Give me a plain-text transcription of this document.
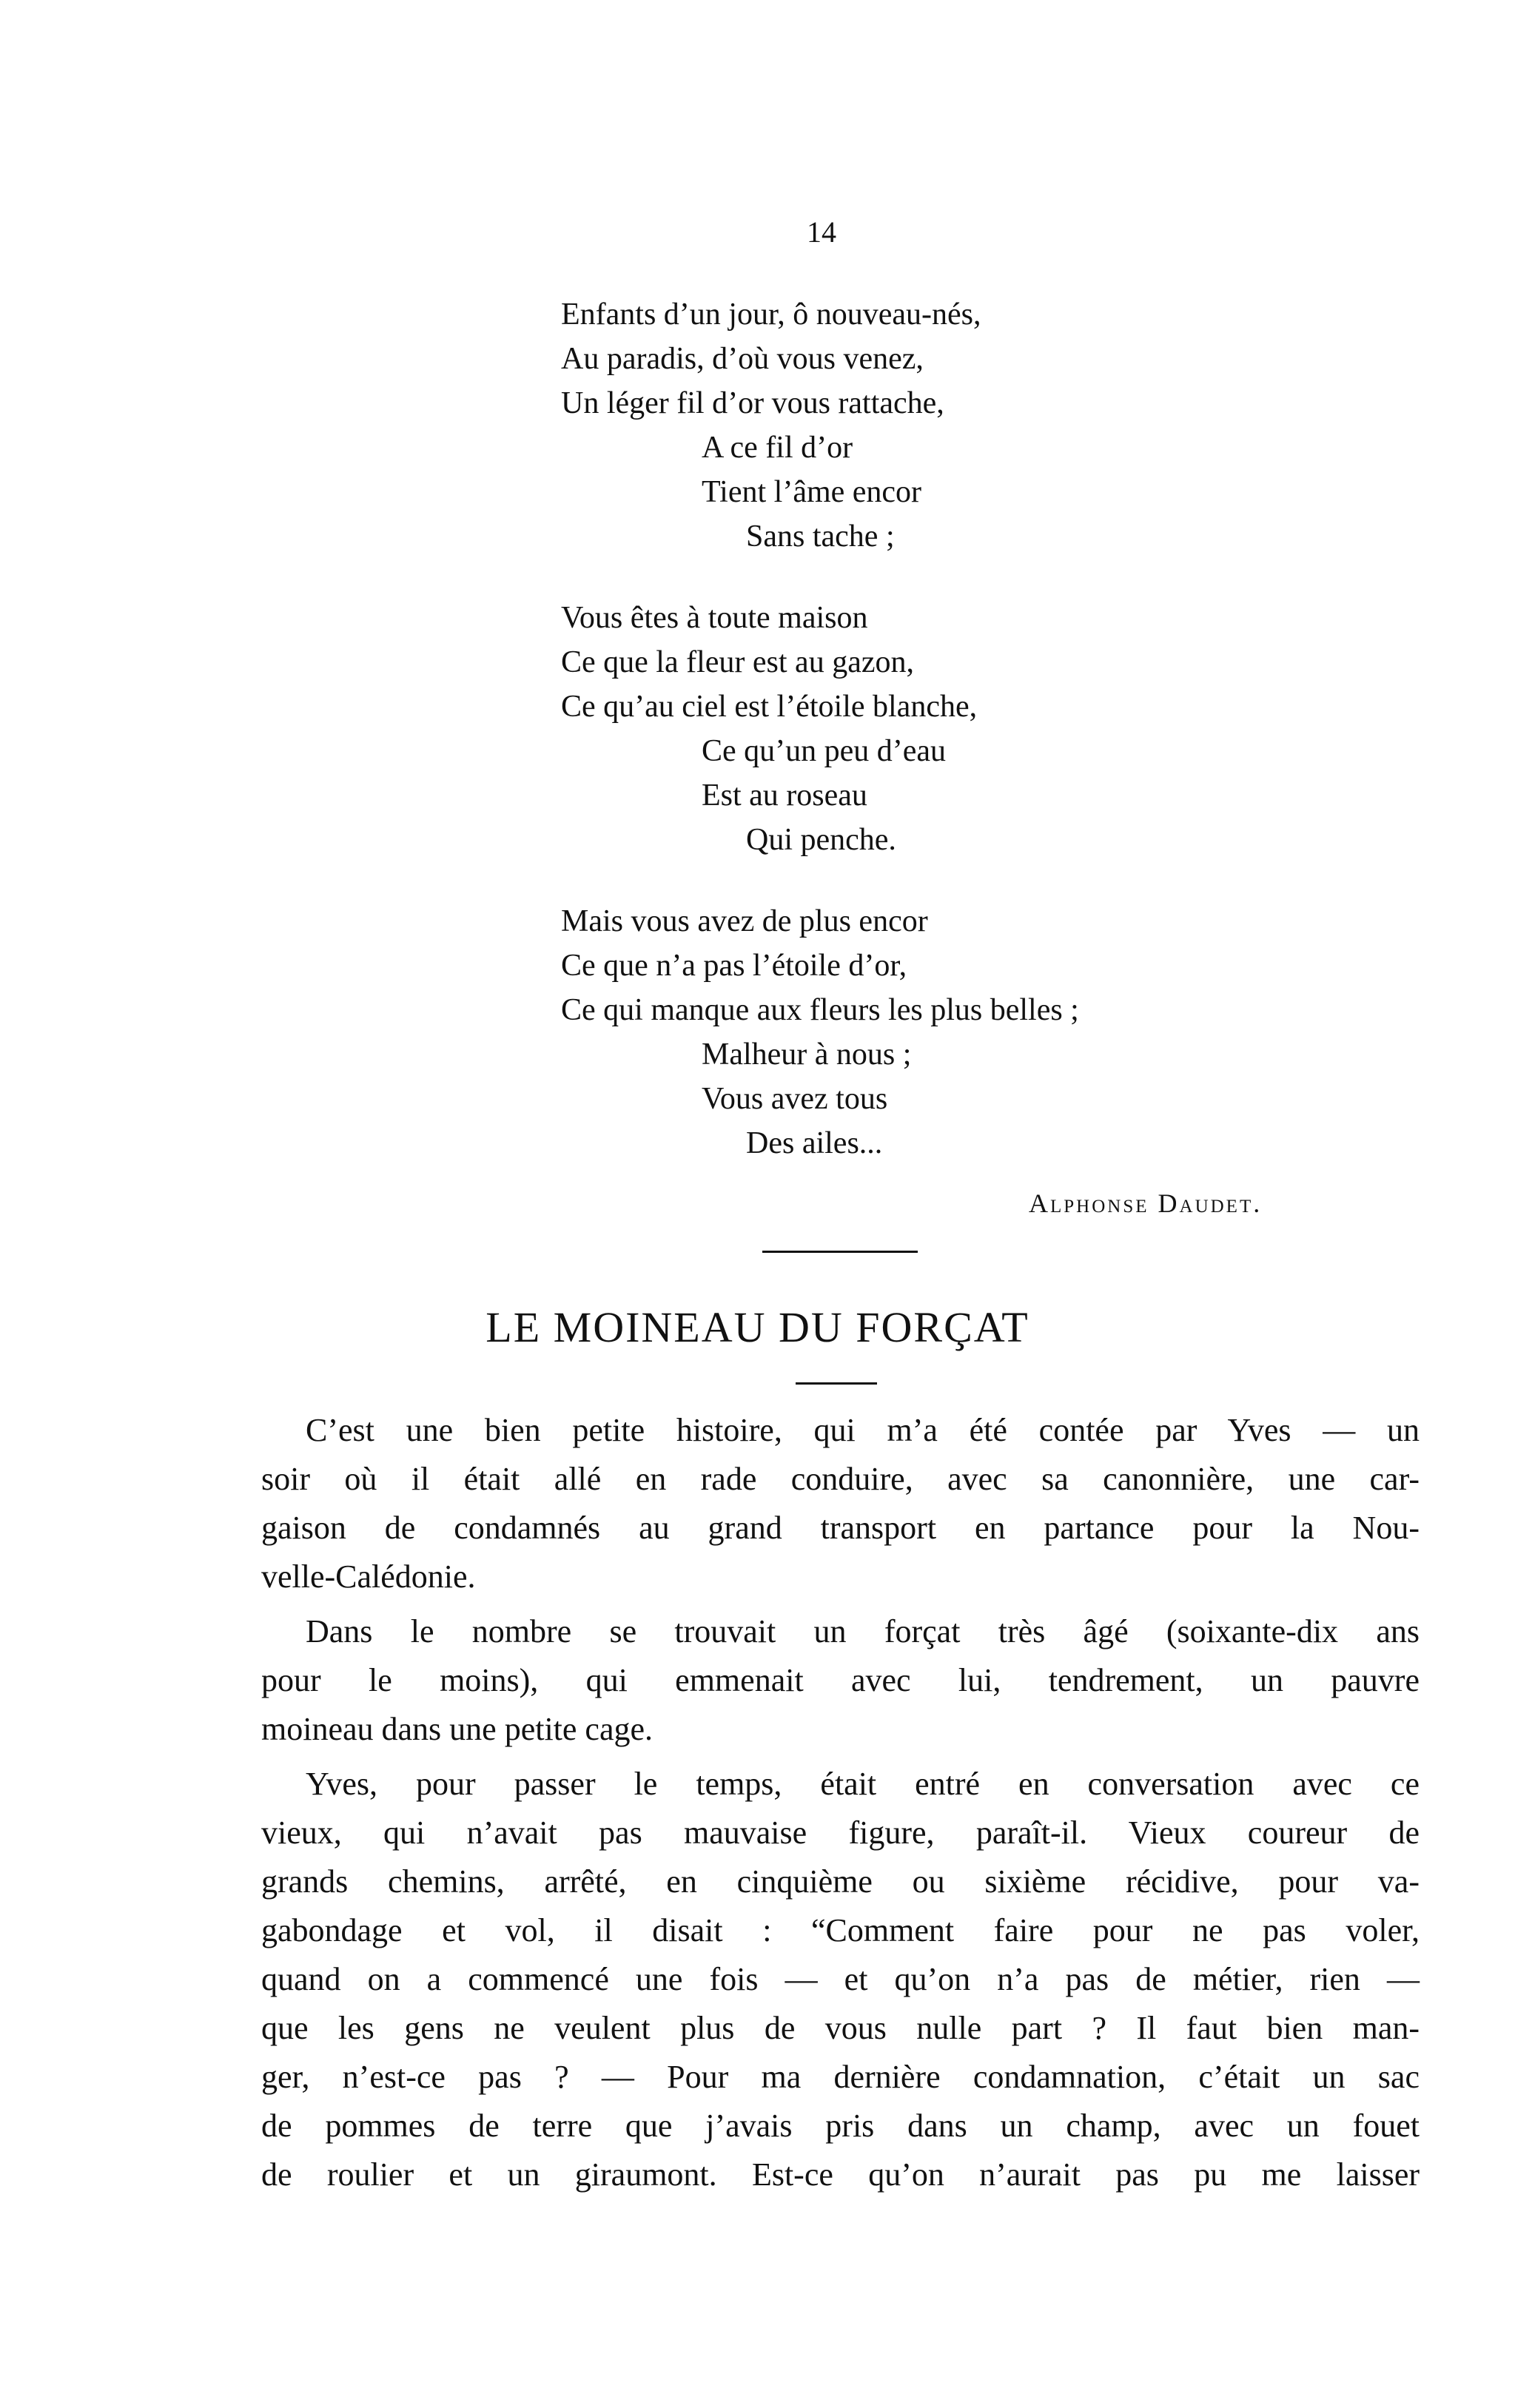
14
Enfants d’un jour, ô nouveau-nés,
Au paradis, d’où vous venez,
Un léger fil d’or vous rattache,
A ce fil d’or
Tient l’âme encor
Sans tache ;
Vous êtes à toute maison
Ce que la fleur est au gazon,
Ce qu’au ciel est l’étoile blanche,
Ce qu’un peu d’eau
Est au roseau
Qui penche.
Mais vous avez de plus encor
Ce que n’a pas l’étoile d’or,
Ce qui manque aux fleurs les plus belles ;
Malheur à nous ;
Vous avez tous
Des ailes...
Alphonse Daudet.
LE MOINEAU DU FORÇAT
C’est une bien petite histoire, qui m’a été contée par Yves — un
soir où il était allé en rade conduire, avec sa canonnière, une car-
gaison de condamnés au grand transport en partance pour la Nou-
velle-Calédonie.
Dans le nombre se trouvait un forçat très âgé (soixante-dix ans
pour le moins), qui emmenait avec lui, tendrement, un pauvre
moineau dans une petite cage.
Yves, pour passer le temps, était entré en conversation avec ce
vieux, qui n’avait pas mauvaise figure, paraît-il. Vieux coureur de
grands chemins, arrêté, en cinquième ou sixième récidive, pour va-
gabondage et vol, il disait : “Comment faire pour ne pas voler,
quand on a commencé une fois — et qu’on n’a pas de métier, rien —
que les gens ne veulent plus de vous nulle part ? Il faut bien man-
ger, n’est-ce pas ? — Pour ma dernière condamnation, c’était un sac
de pommes de terre que j’avais pris dans un champ, avec un fouet
de roulier et un giraumont. Est-ce qu’on n’aurait pas pu me laisser
